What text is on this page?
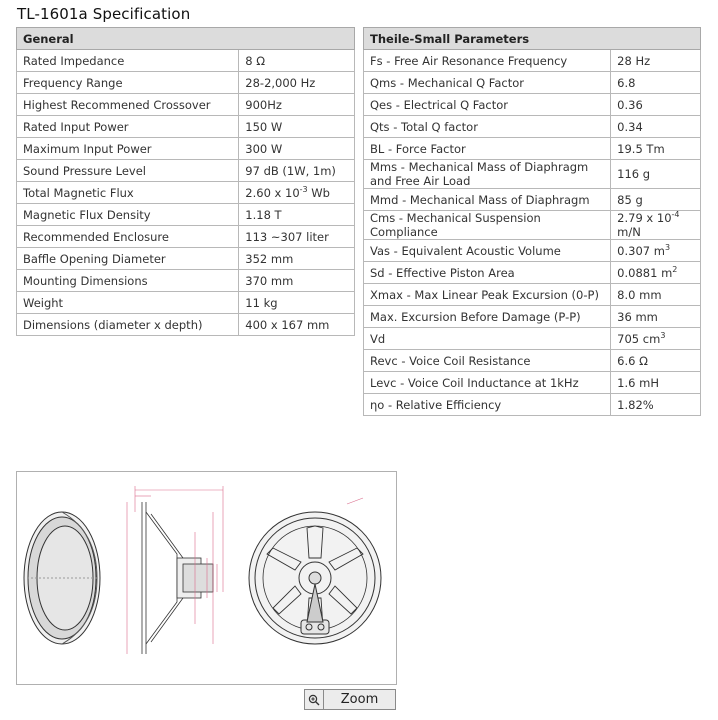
TL-1601a Specification
General	
Rated Impedance	8 Ω
Frequency Range	28-2,000 Hz
Highest Recommened Crossover	900Hz
Rated Input Power	150 W
Maximum Input Power	300 W
Sound Pressure Level	97 dB (1W, 1m)
Total Magnetic Flux	2.60 x $10^{-3}$ Wb
Magnetic Flux Density	1.18 T
Recommended Enclosure	113 ~307 liter
Baffle Opening Diameter	352 mm
Mounting Dimensions	370 mm
Weight	11 kg
Dimensions (diameter x depth)	400 x 167 mm
Theile-Small Parameters	
Fs - Free Air Resonance Frequency	28 Hz
Qms - Mechanical Q Factor	6.8
Qes - Electrical Q Factor	0.36
Qts - Total Q factor	0.34
BL - Force Factor	19.5 Tm
Mms - Mechanical Mass of Diaphragm and Free Air Load	116 g
Mmd - Mechanical Mass of Diaphragm	85 g
Cms - Mechanical Suspension Compliance	2.79 x $10^{-4}$ m/N
Vas - Equivalent Acoustic Volume	0.307 $m^3$
Sd - Effective Piston Area	0.0881 $m^2$
Xmax - Max Linear Peak Excursion (0-P)	8.0 mm
Max. Excursion Before Damage (P-P)	36 mm
Vd	705 $cm^3$
Revc - Voice Coil Resistance	6.6 Ω
Levc - Voice Coil Inductance at 1kHz	1.6 mH
ηo - Relative Efficiency	1.82%
Zoom
